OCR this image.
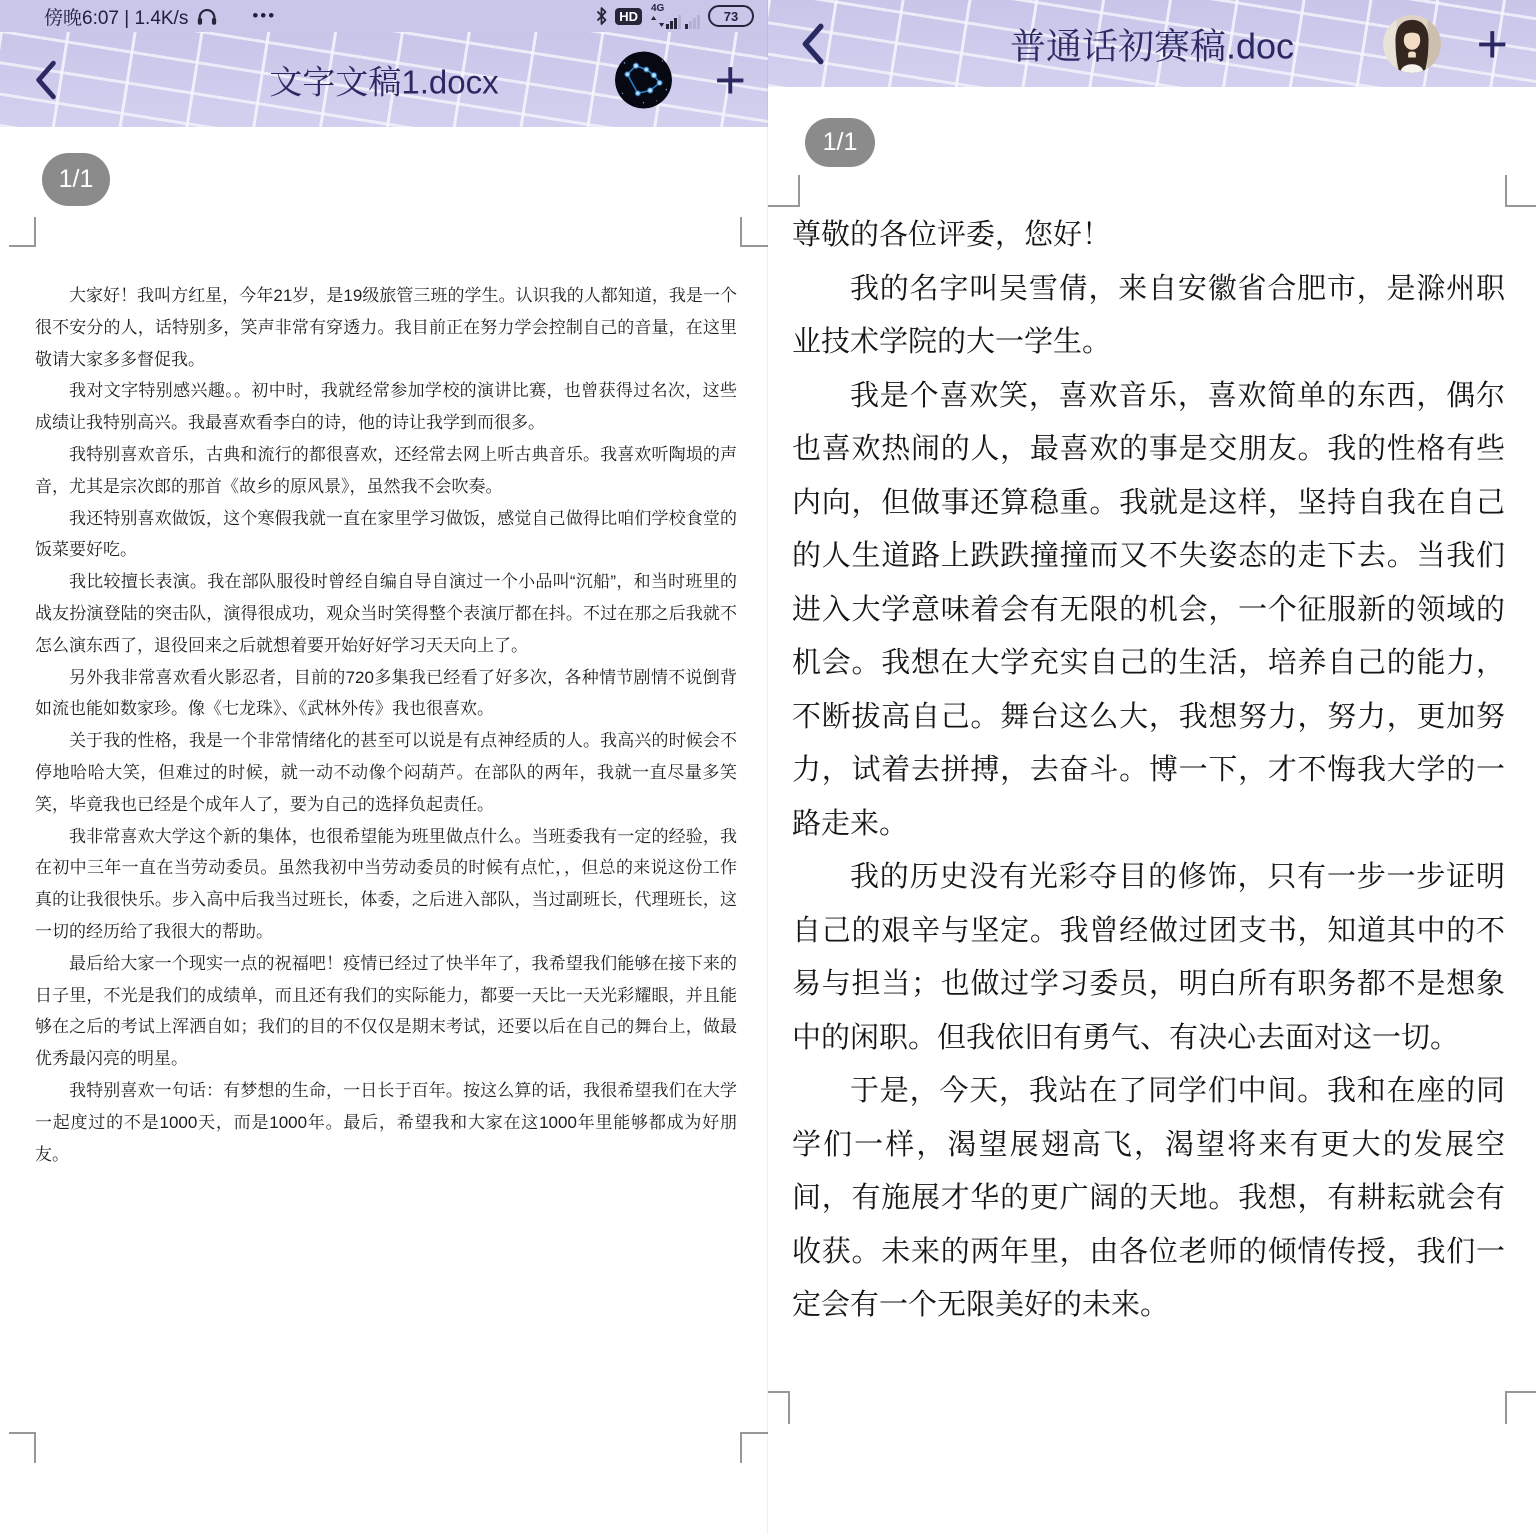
傍晚6:07 | 1.4K/s	•••	HD
4G
73
文字文稿1.docx	+
1/1

大家好！我叫方红星，今年21岁，是19级旅管三班的学生。认识我的人都知道，我是一个很不安分的人，话特别多，笑声非常有穿透力。我目前正在努力学会控制自己的音量，在这里敬请大家多多督促我。

我对文字特别感兴趣。。初中时，我就经常参加学校的演讲比赛，也曾获得过名次，这些成绩让我特别高兴。我最喜欢看李白的诗，他的诗让我学到而很多。

我特别喜欢音乐，古典和流行的都很喜欢，还经常去网上听古典音乐。我喜欢听陶埙的声音，尤其是宗次郎的那首《故乡的原风景》，虽然我不会吹奏。

我还特别喜欢做饭，这个寒假我就一直在家里学习做饭，感觉自己做得比咱们学校食堂的饭菜要好吃。

我比较擅长表演。我在部队服役时曾经自编自导自演过一个小品叫“沉船”，和当时班里的战友扮演登陆的突击队，演得很成功，观众当时笑得整个表演厅都在抖。不过在那之后我就不怎么演东西了，退役回来之后就想着要开始好好学习天天向上了。

另外我非常喜欢看火影忍者，目前的720多集我已经看了好多次，各种情节剧情不说倒背如流也能如数家珍。像《七龙珠》、《武林外传》我也很喜欢。

关于我的性格，我是一个非常情绪化的甚至可以说是有点神经质的人。我高兴的时候会不停地哈哈大笑，但难过的时候，就一动不动像个闷葫芦。在部队的两年，我就一直尽量多笑笑，毕竟我也已经是个成年人了，要为自己的选择负起责任。

我非常喜欢大学这个新的集体，也很希望能为班里做点什么。当班委我有一定的经验，我在初中三年一直在当劳动委员。虽然我初中当劳动委员的时候有点忙，，但总的来说这份工作真的让我很快乐。步入高中后我当过班长，体委，之后进入部队，当过副班长，代理班长，这一切的经历给了我很大的帮助。

最后给大家一个现实一点的祝福吧！疫情已经过了快半年了，我希望我们能够在接下来的日子里，不光是我们的成绩单，而且还有我们的实际能力，都要一天比一天光彩耀眼，并且能够在之后的考试上浑洒自如；我们的目的不仅仅是期末考试，还要以后在自己的舞台上，做最优秀最闪亮的明星。

我特别喜欢一句话：有梦想的生命，一日长于百年。按这么算的话，我很希望我们在大学一起度过的不是1000天，而是1000年。最后，希望我和大家在这1000年里能够都成为好朋友。

普通话初赛稿.doc	+
1/1

尊敬的各位评委，您好！

我的名字叫吴雪倩，来自安徽省合肥市，是滁州职业技术学院的大一学生。

我是个喜欢笑，喜欢音乐，喜欢简单的东西，偶尔也喜欢热闹的人，最喜欢的事是交朋友。我的性格有些内向，但做事还算稳重。我就是这样，坚持自我在自己的人生道路上跌跌撞撞而又不失姿态的走下去。当我们进入大学意味着会有无限的机会，一个征服新的领域的机会。我想在大学充实自己的生活，培养自己的能力，不断拔高自己。舞台这么大，我想努力，努力，更加努力，试着去拼搏，去奋斗。博一下，才不悔我大学的一路走来。

我的历史没有光彩夺目的修饰，只有一步一步证明自己的艰辛与坚定。我曾经做过团支书，知道其中的不易与担当；也做过学习委员，明白所有职务都不是想象中的闲职。但我依旧有勇气、有决心去面对这一切。

于是，今天，我站在了同学们中间。我和在座的同学们一样，渴望展翅高飞，渴望将来有更大的发展空间，有施展才华的更广阔的天地。我想，有耕耘就会有收获。未来的两年里，由各位老师的倾情传授，我们一定会有一个无限美好的未来。
